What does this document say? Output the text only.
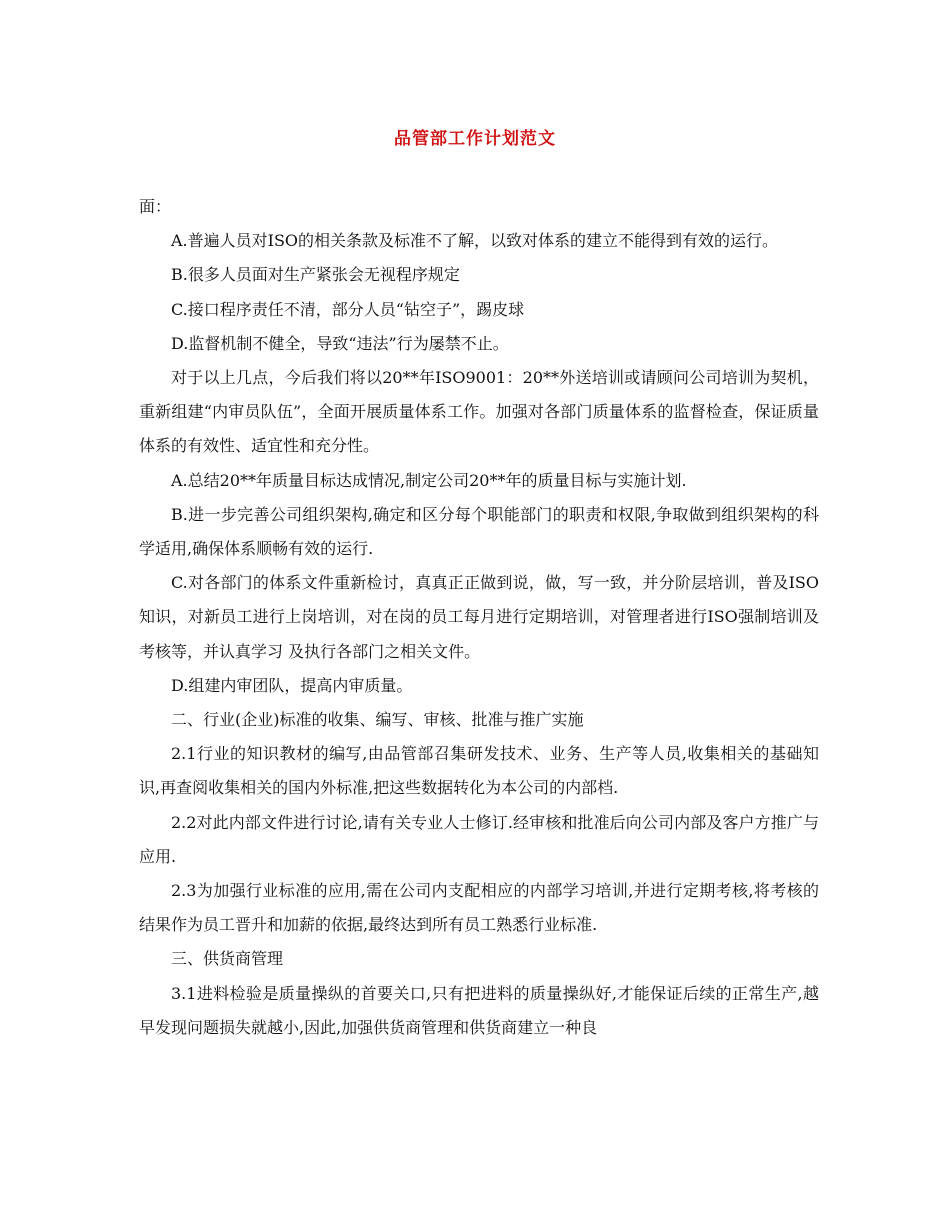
品管部工作计划范文

面：

A.普遍人员对ISO的相关条款及标准不了解，以致对体系的建立不能得到有效的运行。

B.很多人员面对生产紧张会无视程序规定

C.接口程序责任不清，部分人员“钻空子”，踢皮球

D.监督机制不健全，导致“违法”行为屡禁不止。

对于以上几点，今后我们将以20**年ISO9001：20**外送培训或请顾问公司培训为契机，重新组建“内审员队伍”，全面开展质量体系工作。加强对各部门质量体系的监督检查，保证质量体系的有效性、适宜性和充分性。

A.总结20**年质量目标达成情况,制定公司20**年的质量目标与实施计划.

B.进一步完善公司组织架构,确定和区分每个职能部门的职责和权限,争取做到组织架构的科 学适用,确保体系顺畅有效的运行.

C.对各部门的体系文件重新检讨，真真正正做到说，做，写一致，并分阶层培训，普及ISO知识，对新员工进行上岗培训，对在岗的员工每月进行定期培训，对管理者进行ISO强制培训及考核等，并认真学习 及执行各部门之相关文件。

D.组建内审团队，提高内审质量。

二、行业(企业)标准的收集、编写、审核、批准与推广实施

2.1行业的知识教材的编写,由品管部召集研发技术、业务、生产等人员,收集相关的基础知识,再查阅收集相关的国内外标准,把这些数据转化为本公司的内部档.

2.2对此内部文件进行讨论,请有关专业人士修订.经审核和批准后向公司内部及客户方推广与应用.

2.3为加强行业标准的应用,需在公司内支配相应的内部学习培训,并进行定期考核,将考核的结果作为员工晋升和加薪的依据,最终达到所有员工熟悉行业标准.

三、供货商管理

3.1进料检验是质量操纵的首要关口,只有把进料的质量操纵好,才能保证后续的正常生产,越早发现问题损失就越小,因此,加强供货商管理和供货商建立一种良
